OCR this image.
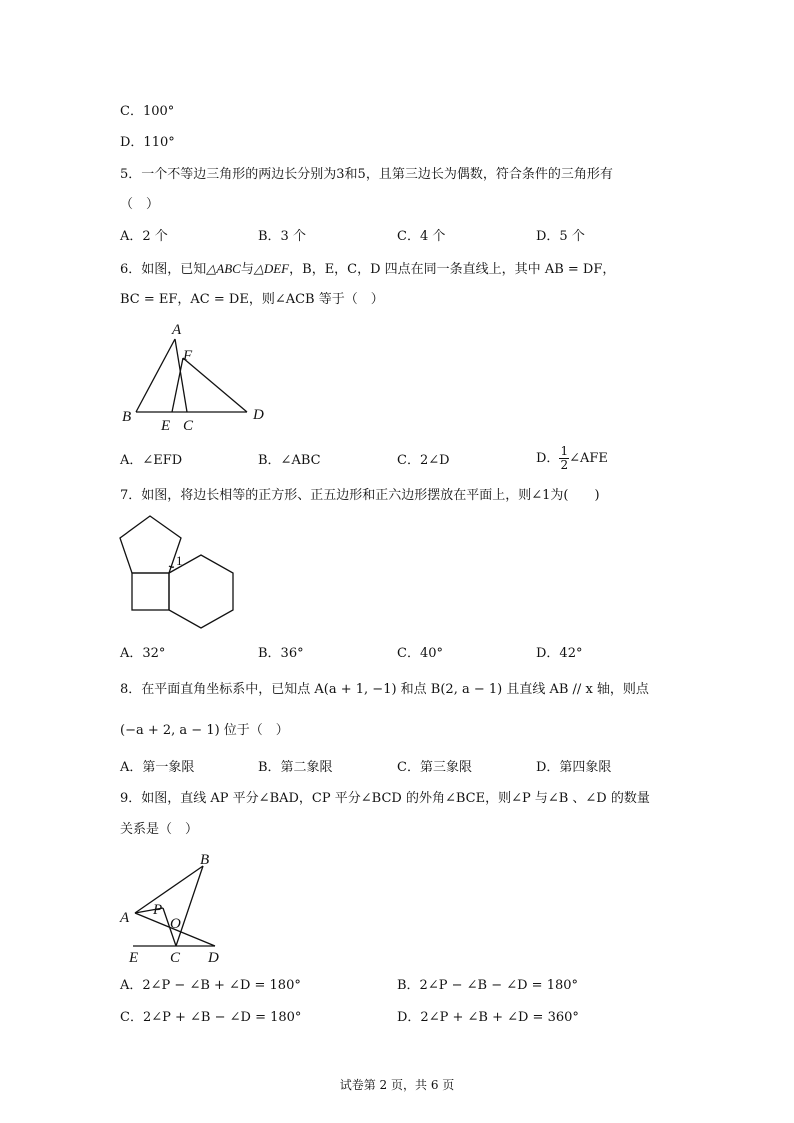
C．100°
D．110°
5．一个不等边三角形的两边长分别为3和5，且第三边长为偶数，符合条件的三角形有
（　）
A．2 个	B．3 个	C．4 个	D．5 个
6．如图，已知△ABC与△DEF，B，E，C，D 四点在同一条直线上，其中 AB = DF，
BC = EF，AC = DE，则∠ACB 等于（　）
A
F
B
E C
D
A．∠EFD	B．∠ABC	C．2∠D	D． $\frac{1}{2}$ ∠AFE
7．如图，将边长相等的正方形、正五边形和正六边形摆放在平面上，则∠1为(　　)
1
A．32°	B．36°	C．40°	D．42°
8．在平面直角坐标系中，已知点 A(a + 1, −1) 和点 B(2, a − 1) 且直线 AB // x 轴，则点
(−a + 2, a − 1) 位于（　）
A．第一象限	B．第二象限	C．第三象限	D．第四象限
9．如图，直线 AP 平分∠BAD，CP 平分∠BCD 的外角∠BCE，则∠P 与∠B 、∠D 的数量
关系是（　）
B
A P
O
E C D
A．2∠P − ∠B + ∠D = 180°	B．2∠P − ∠B − ∠D = 180°
C．2∠P + ∠B − ∠D = 180°	D．2∠P + ∠B + ∠D = 360°
试卷第 2 页，共 6 页
